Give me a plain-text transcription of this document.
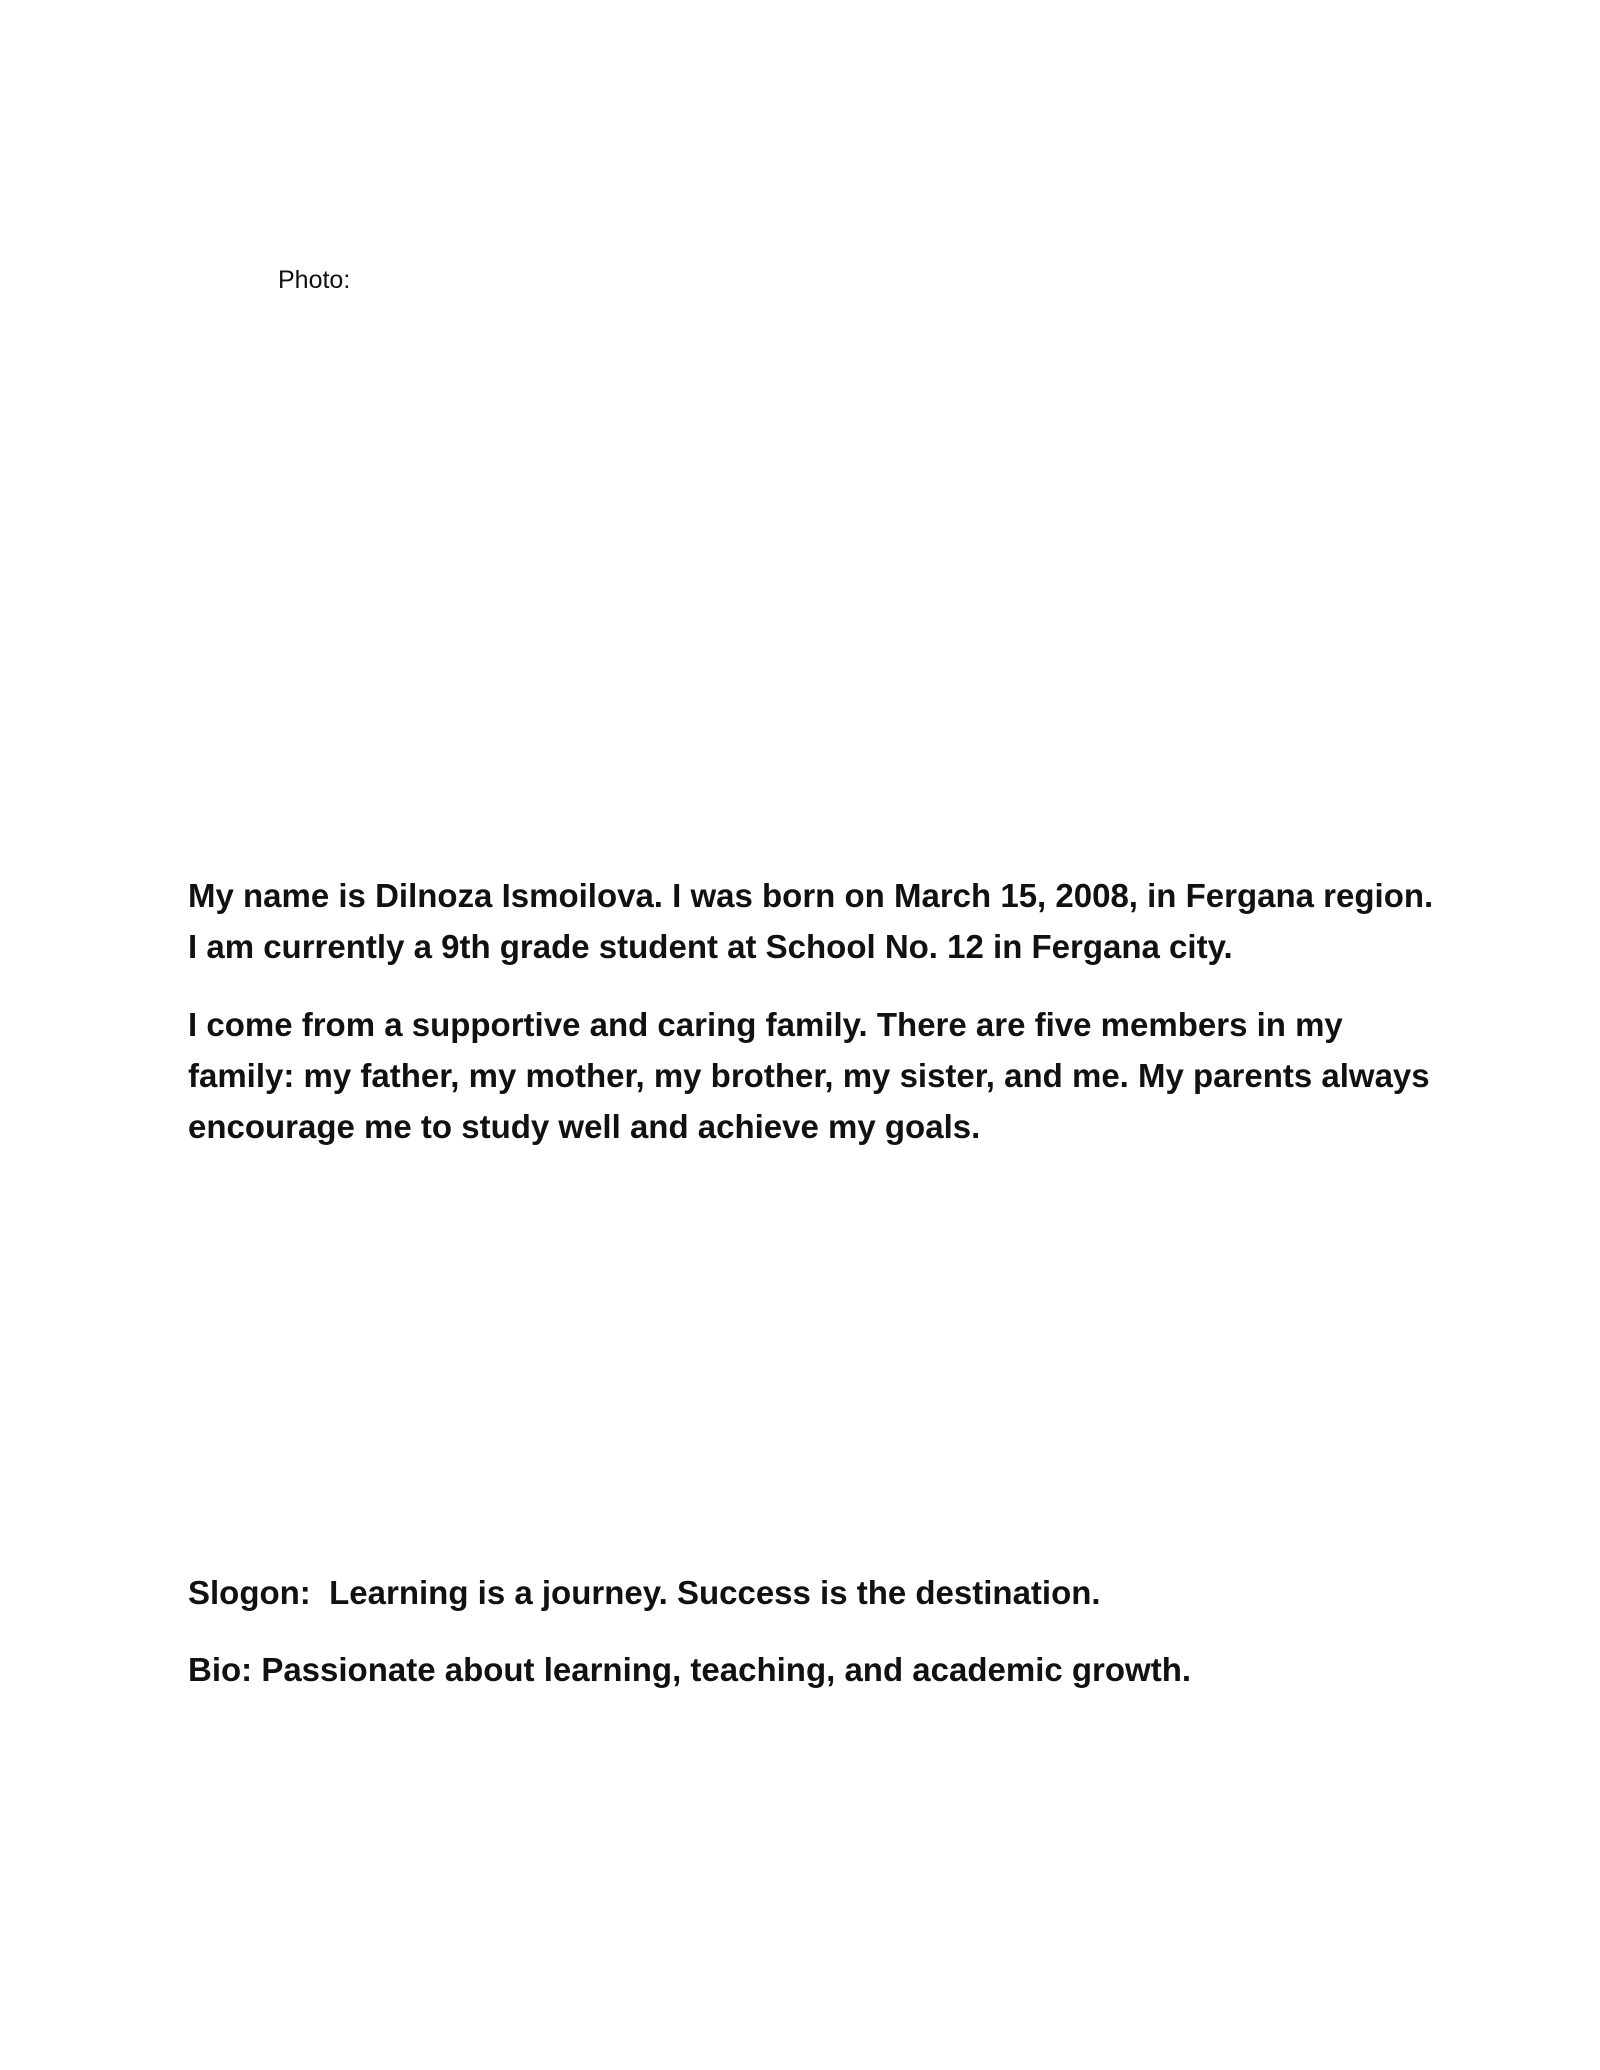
Photo:

My name is Dilnoza Ismoilova. I was born on March 15, 2008, in Fergana region. I am currently a 9th grade student at School No. 12 in Fergana city.

I come from a supportive and caring family. There are five members in my family: my father, my mother, my brother, my sister, and me. My parents always encourage me to study well and achieve my goals.

Slogon:  Learning is a journey. Success is the destination.

Bio: Passionate about learning, teaching, and academic growth.
